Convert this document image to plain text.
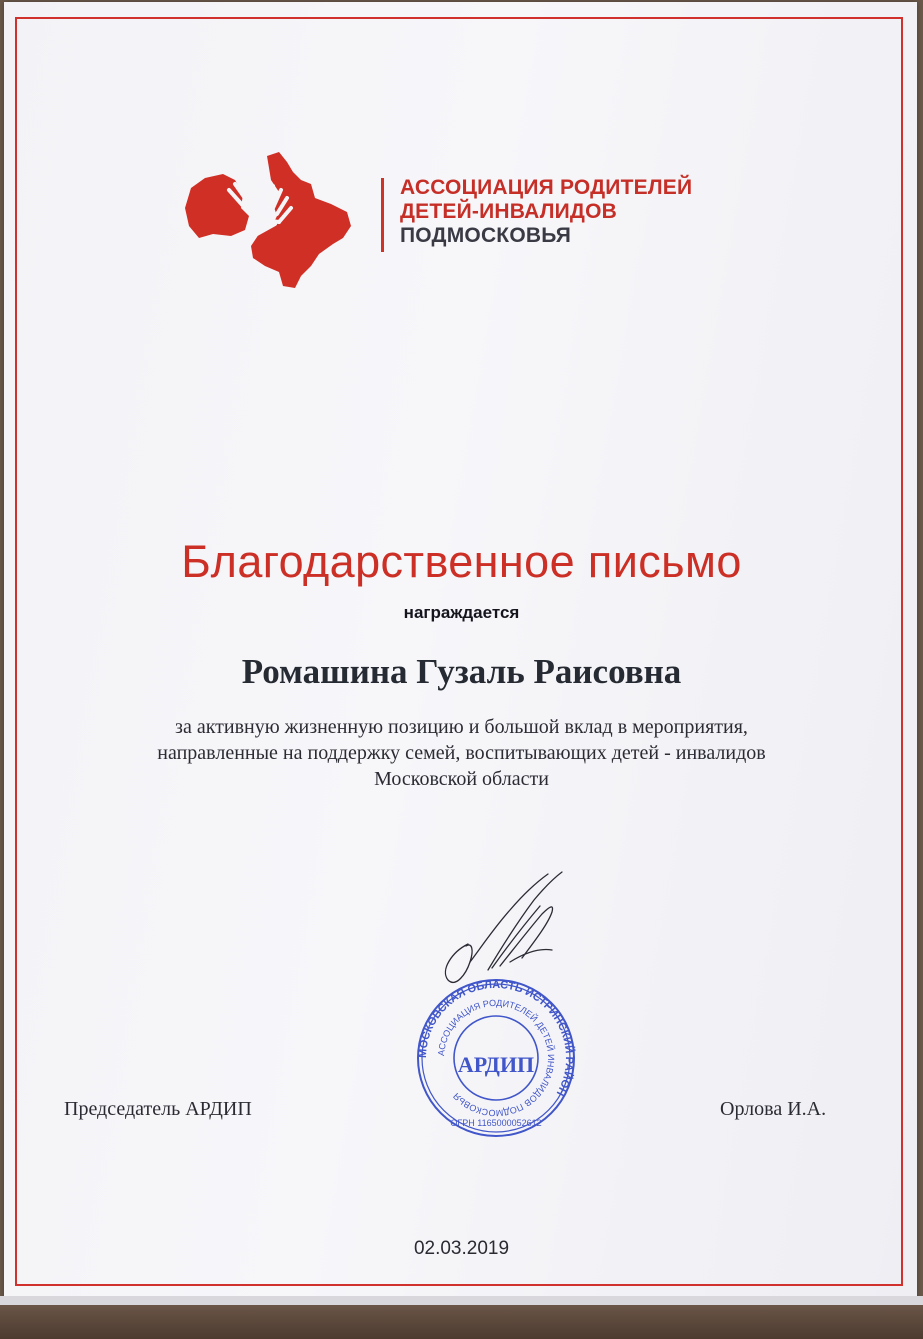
АССОЦИАЦИЯ РОДИТЕЛЕЙ
ДЕТЕЙ-ИНВАЛИДОВ
ПОДМОСКОВЬЯ

Благодарственное письмо
награждается
Ромашина Гузаль Раисовна
за активную жизненную позицию и большой вклад в мероприятия,
направленные на поддержку семей, воспитывающих детей - инвалидов
Московской области
МОСКОВСКАЯ ОБЛАСТЬ ИСТРИНСКИЙ РАЙОН
АССОЦИАЦИЯ РОДИТЕЛЕЙ ДЕТЕЙ ИНВАЛИДОВ ПОДМОСКОВЬЯ
АРДИП
ОГРН 1165000052612
Председатель АРДИП	Орлова И.А.
02.03.2019
